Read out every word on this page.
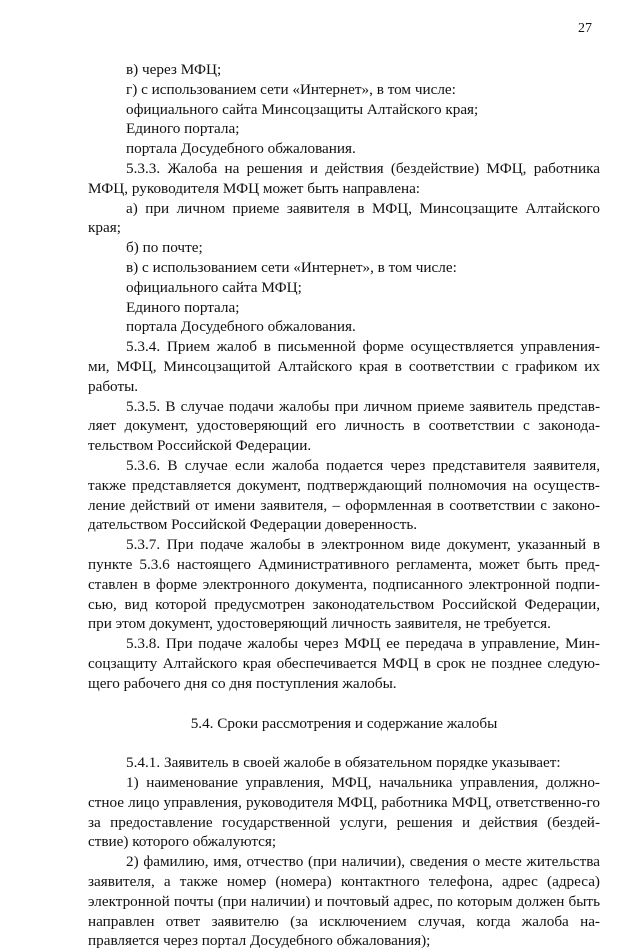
27

в) через МФЦ;

г) с использованием сети «Интернет», в том числе:

официального сайта Минсоцзащиты Алтайского края;

Единого портала;

портала Досудебного обжалования.

5.3.3. Жалоба на решения и действия (бездействие) МФЦ, работника МФЦ, руководителя МФЦ может быть направлена:

а) при личном приеме заявителя в МФЦ, Минсоцзащите Алтайского края;

б) по почте;

в) с использованием сети «Интернет», в том числе:

официального сайта МФЦ;

Единого портала;

портала Досудебного обжалования.

5.3.4. Прием жалоб в письменной форме осуществляется управления-ми, МФЦ, Минсоцзащитой Алтайского края в соответствии с графиком их работы.

5.3.5. В случае подачи жалобы при личном приеме заявитель представ-ляет документ, удостоверяющий его личность в соответствии с законода-тельством Российской Федерации.

5.3.6. В случае если жалоба подается через представителя заявителя, также представляется документ, подтверждающий полномочия на осуществ-ление действий от имени заявителя, – оформленная в соответствии с законо-дательством Российской Федерации доверенность.

5.3.7. При подаче жалобы в электронном виде документ, указанный в пункте 5.3.6 настоящего Административного регламента, может быть пред-ставлен в форме электронного документа, подписанного электронной подпи-сью, вид которой предусмотрен законодательством Российской Федерации, при этом документ, удостоверяющий личность заявителя, не требуется.

5.3.8. При подаче жалобы через МФЦ ее передача в управление, Мин-соцзащиту Алтайского края обеспечивается МФЦ в срок не позднее следую-щего рабочего дня со дня поступления жалобы.

5.4. Сроки рассмотрения и содержание жалобы

5.4.1. Заявитель в своей жалобе в обязательном порядке указывает:

1) наименование управления, МФЦ, начальника управления, должно-стное лицо управления, руководителя МФЦ, работника МФЦ, ответственно-го за предоставление государственной услуги, решения и действия (бездей-ствие) которого обжалуются;

2) фамилию, имя, отчество (при наличии), сведения о месте жительства заявителя, а также номер (номера) контактного телефона, адрес (адреса) электронной почты (при наличии) и почтовый адрес, по которым должен быть направлен ответ заявителю (за исключением случая, когда жалоба на-правляется через портал Досудебного обжалования);
